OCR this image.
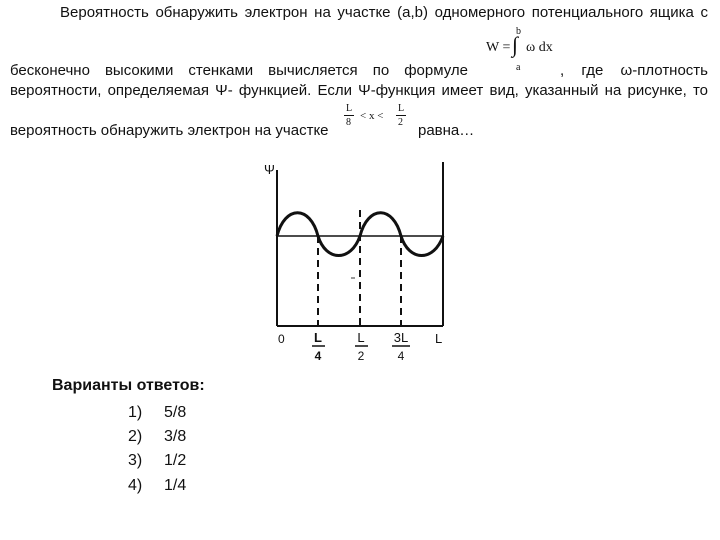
Вероятность обнаружить электрон на участке (a,b) одномерного потенциального ящика с
бесконечно высокими стенками вычисляется по формуле
b
W = ∫ ω dx
a	, где ω-плотность
вероятности, определяемая Ψ- функцией. Если Ψ-функция имеет вид, указанный на рисунке, то
вероятность обнаружить электрон на участке
L
8
< x <
L
2 равна…
Ψ
0	L
L
4
L
2
3L
4
Варианты ответов:
1) 5/8
2) 3/8
3) 1/2
4) 1/4
